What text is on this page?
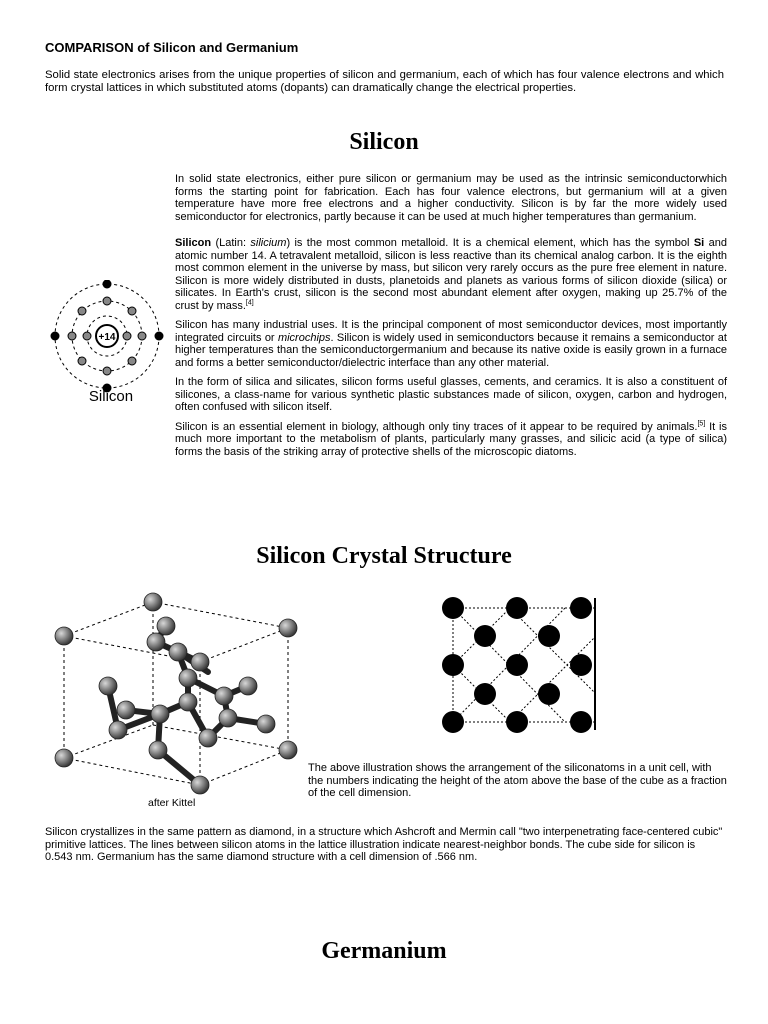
COMPARISON of Silicon and Germanium
Solid state electronics arises from the unique properties of silicon and germanium, each of which has four valence electrons and which form crystal lattices in which substituted atoms (dopants) can dramatically change the electrical properties.
Silicon

In solid state electronics, either pure silicon or germanium may be used as the intrinsic semiconductorwhich forms the starting point for fabrication. Each has four valence electrons, but germanium will at a given temperature have more free electrons and a higher conductivity. Silicon is by far the more widely used semiconductor for electronics, partly because it can be used at much higher temperatures than germanium.

Silicon (Latin: silicium) is the most common metalloid. It is a chemical element, which has the symbol Si and atomic number 14. A tetravalent metalloid, silicon is less reactive than its chemical analog carbon. It is the eighth most common element in the universe by mass, but silicon very rarely occurs as the pure free element in nature. Silicon is more widely distributed in dusts, planetoids and planets as various forms of silicon dioxide (silica) or silicates. In Earth's crust, silicon is the second most abundant element after oxygen, making up 25.7% of the crust by mass.[4]

Silicon has many industrial uses. It is the principal component of most semiconductor devices, most importantly integrated circuits or microchips. Silicon is widely used in semiconductors because it remains a semiconductor at higher temperatures than the semiconductorgermanium and because its native oxide is easily grown in a furnace and forms a better semiconductor/dielectric interface than any other material.

In the form of silica and silicates, silicon forms useful glasses, cements, and ceramics. It is also a constituent of silicones, a class-name for various synthetic plastic substances made of silicon, oxygen, carbon and hydrogen, often confused with silicon itself.

Silicon is an essential element in biology, although only tiny traces of it appear to be required by animals.[5] It is much more important to the metabolism of plants, particularly many grasses, and silicic acid (a type of silica) forms the basis of the striking array of protective shells of the microscopic diatoms.

+14
Silicon
Silicon Crystal Structure
after Kittel
The above illustration shows the arrangement of the siliconatoms in a unit cell, with the numbers indicating the height of the atom above the base of the cube as a fraction of the cell dimension.
Silicon crystallizes in the same pattern as diamond, in a structure which Ashcroft and Mermin call "two interpenetrating face-centered cubic" primitive lattices. The lines between silicon atoms in the lattice illustration indicate nearest-neighbor bonds. The cube side for silicon is 0.543 nm. Germanium has the same diamond structure with a cell dimension of .566 nm.
Germanium
